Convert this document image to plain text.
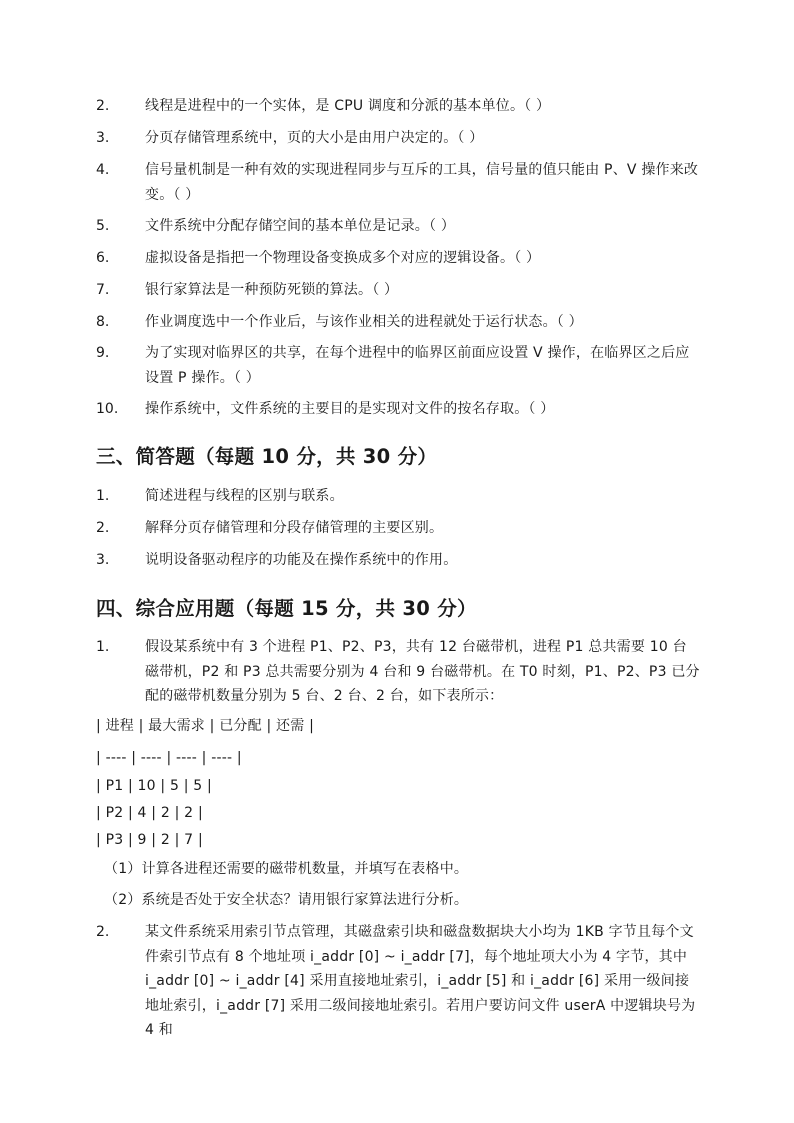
2.	线程是进程中的一个实体，是 CPU 调度和分派的基本单位。（ ）
3.	分页存储管理系统中，页的大小是由用户决定的。（ ）
4.	信号量机制是一种有效的实现进程同步与互斥的工具，信号量的值只能由 P、V 操作来改变。（ ）
5.	文件系统中分配存储空间的基本单位是记录。（ ）
6.	虚拟设备是指把一个物理设备变换成多个对应的逻辑设备。（ ）
7.	银行家算法是一种预防死锁的算法。（ ）
8.	作业调度选中一个作业后，与该作业相关的进程就处于运行状态。（ ）
9.	为了实现对临界区的共享，在每个进程中的临界区前面应设置 V 操作，在临界区之后应设置 P 操作。（ ）
10. 操作系统中，文件系统的主要目的是实现对文件的按名存取。（ ）
三、简答题（每题 10 分，共 30 分）
1.	简述进程与线程的区别与联系。
2.	解释分页存储管理和分段存储管理的主要区别。
3.	说明设备驱动程序的功能及在操作系统中的作用。
四、综合应用题（每题 15 分，共 30 分）
1.	假设某系统中有 3 个进程 P1、P2、P3，共有 12 台磁带机，进程 P1 总共需要 10 台磁带机，P2 和 P3 总共需要分别为 4 台和 9 台磁带机。在 T0 时刻，P1、P2、P3 已分配的磁带机数量分别为 5 台、2 台、2 台，如下表所示：
| 进程 | 最大需求 | 已分配 | 还需 |
| ---- | ---- | ---- | ---- |
| P1 | 10 | 5 | 5 |
| P2 | 4 | 2 | 2 |
| P3 | 9 | 2 | 7 |
（1）计算各进程还需要的磁带机数量，并填写在表格中。
（2）系统是否处于安全状态？请用银行家算法进行分析。
2.	某文件系统采用索引节点管理，其磁盘索引块和磁盘数据块大小均为 1KB 字节且每个文件索引节点有 8 个地址项 i_addr [0] ~ i_addr [7]，每个地址项大小为 4 字节，其中 i_addr [0] ~ i_addr [4] 采用直接地址索引，i_addr [5] 和 i_addr [6] 采用一级间接地址索引，i_addr [7] 采用二级间接地址索引。若用户要访问文件 userA 中逻辑块号为 4 和
